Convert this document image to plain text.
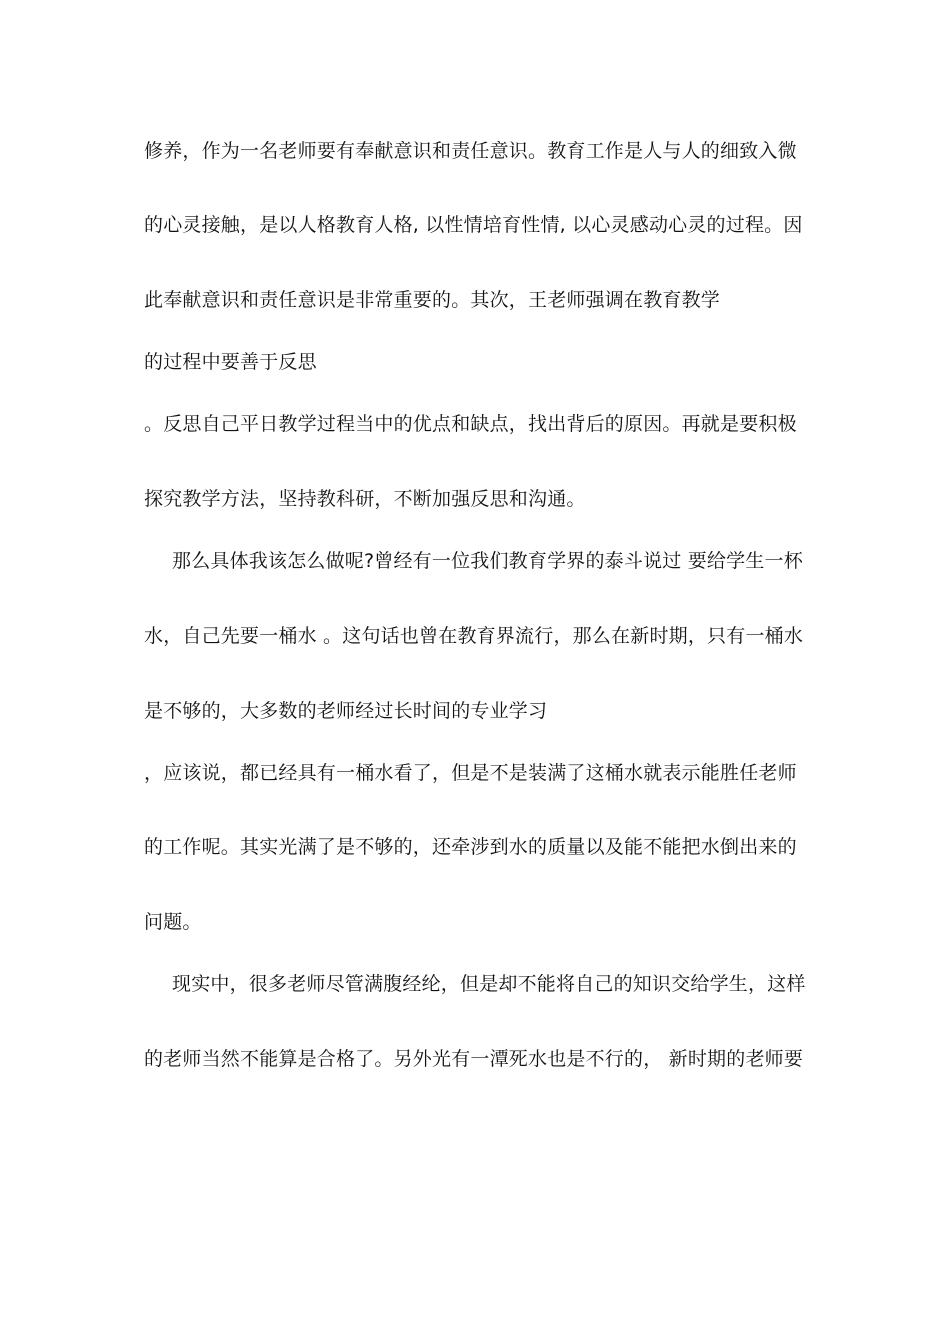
修养，作为一名老师要有奉献意识和责任意识。教育工作是人与人的细致入微
的心灵接触，是以人格教育人格, 以性情培育性情, 以心灵感动心灵的过程。因
此奉献意识和责任意识是非常重要的。其次，王老师强调在教育教学
的过程中要善于反思
。反思自己平日教学过程当中的优点和缺点，找出背后的原因。再就是要积极
探究教学方法，坚持教科研，不断加强反思和沟通。
那么具体我该怎么做呢?曾经有一位我们教育学界的泰斗说过 要给学生一杯
水，自己先要一桶水 。这句话也曾在教育界流行，那么在新时期，只有一桶水
是不够的，大多数的老师经过长时间的专业学习
，应该说，都已经具有一桶水看了，但是不是装满了这桶水就表示能胜任老师
的工作呢。其实光满了是不够的，还牵涉到水的质量以及能不能把水倒出来的
问题。
现实中，很多老师尽管满腹经纶，但是却不能将自己的知识交给学生，这样
的老师当然不能算是合格了。另外光有一潭死水也是不行的， 新时期的老师要
